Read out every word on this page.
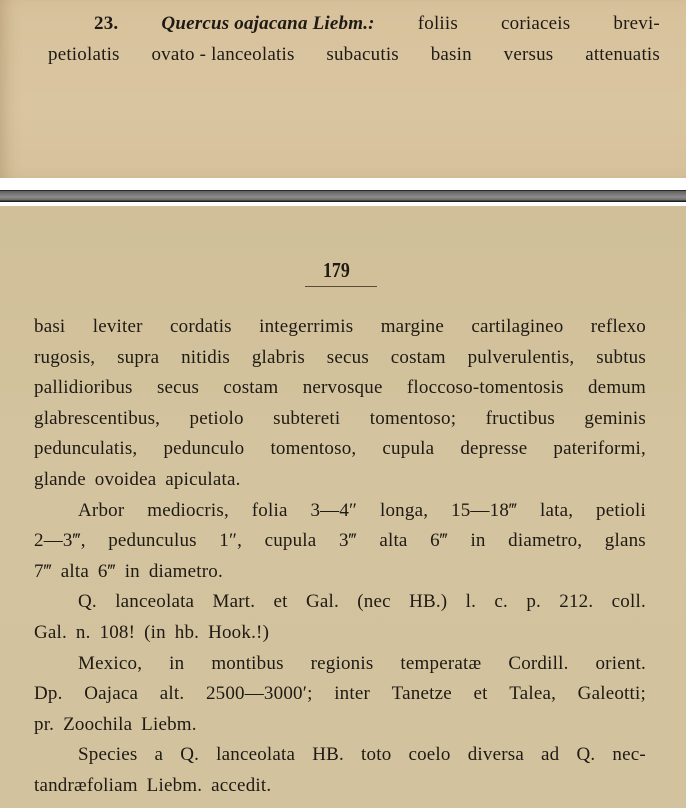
23. Quercus oajacana Liebm.: foliis coriaceis brevi-
petiolatis ovato - lanceolatis subacutis basin versus attenuatis
179
basi leviter cordatis integerrimis margine cartilagineo reflexo
rugosis, supra nitidis glabris secus costam pulverulentis, subtus
pallidioribus secus costam nervosque floccoso-tomentosis demum
glabrescentibus, petiolo subtereti tomentoso; fructibus geminis
pedunculatis, pedunculo tomentoso, cupula depresse pateriformi,
glande ovoidea apiculata.
Arbor mediocris, folia 3—4″ longa, 15—18‴ lata, petioli
2—3‴, pedunculus 1″, cupula 3‴ alta 6‴ in diametro, glans
7‴ alta 6‴ in diametro.
Q. lanceolata Mart. et Gal. (nec HB.) l. c. p. 212. coll.
Gal. n. 108! (in hb. Hook.!)
Mexico, in montibus regionis temperatæ Cordill. orient.
Dp. Oajaca alt. 2500—3000′; inter Tanetze et Talea, Galeotti;
pr. Zoochila Liebm.
Species a Q. lanceolata HB. toto coelo diversa ad Q. nec-
tandræfoliam Liebm. accedit.
